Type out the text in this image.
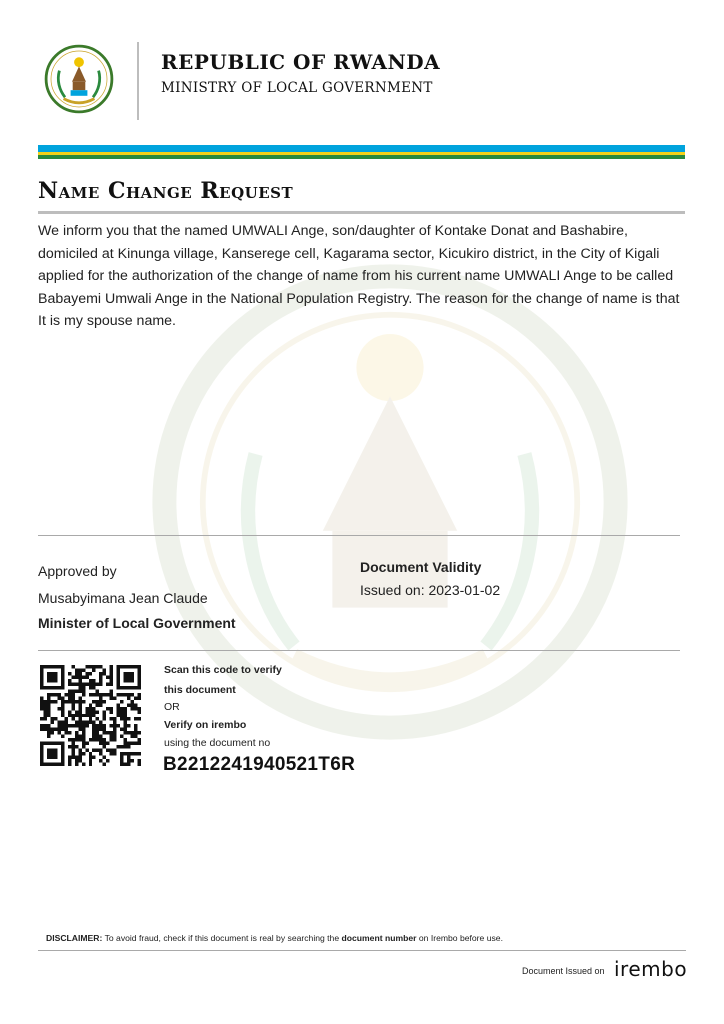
REPUBLIC OF RWANDA
MINISTRY OF LOCAL GOVERNMENT
Name Change Request
We inform you that the named UMWALI Ange, son/daughter of Kontake Donat and Bashabire, domiciled at Kinunga village, Kanserege cell, Kagarama sector, Kicukiro district, in the City of Kigali applied for the authorization of the change of name from his current name UMWALI Ange to be called Babayemi Umwali Ange in the National Population Registry. The reason for the change of name is that It is my spouse name.
Approved by
Musabyimana Jean Claude
Minister of Local Government
Document Validity
Issued on: 2023-01-02
Scan this code to verify
this document
OR
Verify on irembo
using the document no
B2212241940521T6R
DISCLAIMER: To avoid fraud, check if this document is real by searching the document number on Irembo before use.
Document Issued on irembo
